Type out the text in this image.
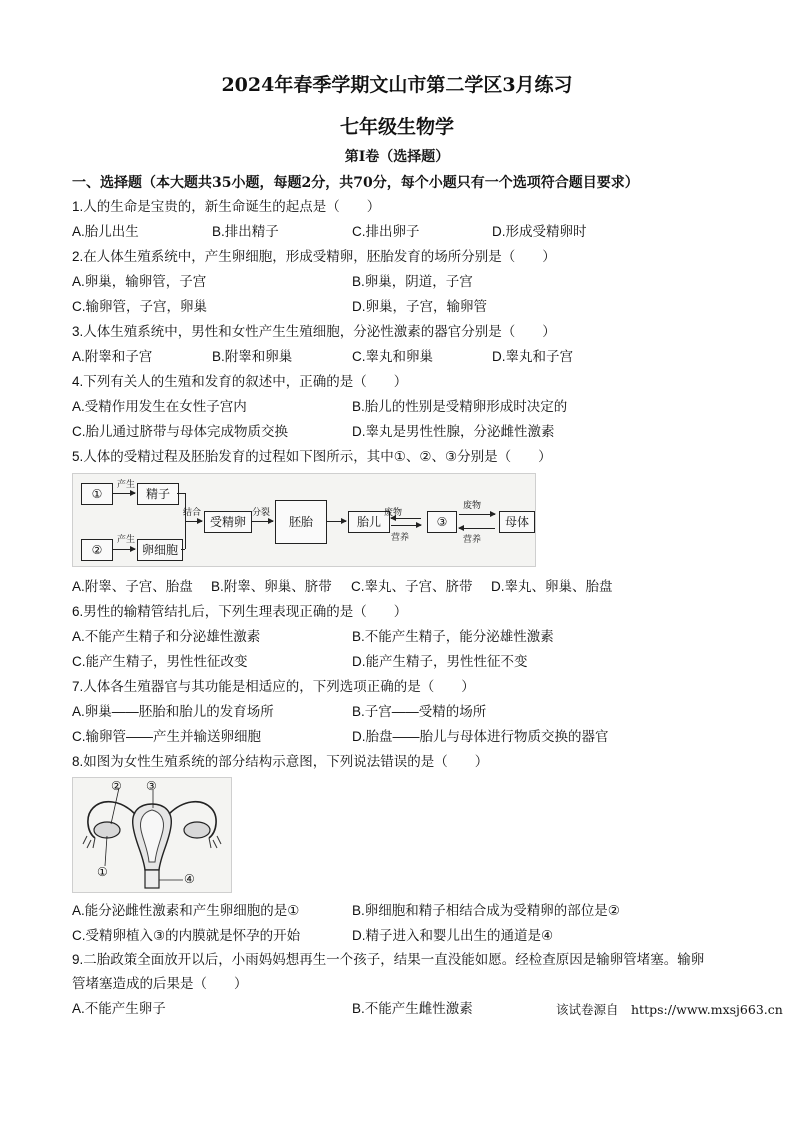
2024年春季学期文山市第二学区3月练习
七年级生物学
第Ⅰ卷（选择题）
一、选择题（本大题共35小题，每题2分，共70分，每个小题只有一个选项符合题目要求）
1.人的生命是宝贵的，新生命诞生的起点是（　　）
A.胎儿出生	B.排出精子	C.排出卵子	D.形成受精卵时
2.在人体生殖系统中，产生卵细胞，形成受精卵，胚胎发育的场所分别是（　　）
A.卵巢，输卵管，子宫	B.卵巢，阴道，子宫
C.输卵管，子宫，卵巢	D.卵巢，子宫，输卵管
3.人体生殖系统中，男性和女性产生生殖细胞，分泌性激素的器官分别是（　　）
A.附睾和子宫	B.附睾和卵巢	C.睾丸和卵巢	D.睾丸和子宫
4.下列有关人的生殖和发育的叙述中，正确的是（　　）
A.受精作用发生在女性子宫内	B.胎儿的性别是受精卵形成时决定的
C.胎儿通过脐带与母体完成物质交换	D.睾丸是男性性腺，分泌雌性激素
5.人体的受精过程及胚胎发育的过程如下图所示，其中①、②、③分别是（　　）
①
②
产生
产生
精子
卵细胞
结合
受精卵
分裂
胚胎	胎儿
废物
营养
③
废物
营养
母体
A.附睾、子宫、胎盘 B.附睾、卵巢、脐带 C.睾丸、子宫、脐带 D.睾丸、卵巢、胎盘
6.男性的输精管结扎后，下列生理表现正确的是（　　）
A.不能产生精子和分泌雄性激素	B.不能产生精子，能分泌雄性激素
C.能产生精子，男性性征改变	D.能产生精子，男性性征不变
7.人体各生殖器官与其功能是相适应的，下列选项正确的是（　　）
A.卵巢——胚胎和胎儿的发育场所	B.子宫——受精的场所
C.输卵管——产生并输送卵细胞	D.胎盘——胎儿与母体进行物质交换的器官
8.如图为女性生殖系统的部分结构示意图，下列说法错误的是（　　）
② ③
①	④
A.能分泌雌性激素和产生卵细胞的是①	B.卵细胞和精子相结合成为受精卵的部位是②
C.受精卵植入③的内膜就是怀孕的开始	D.精子进入和婴儿出生的通道是④
9.二胎政策全面放开以后，小雨妈妈想再生一个孩子，结果一直没能如愿。经检查原因是输卵管堵塞。输卵
管堵塞造成的后果是（　　）
A.不能产生卵子	B.不能产生雌性激素	该试卷源自　https://www.mxsj663.cn
